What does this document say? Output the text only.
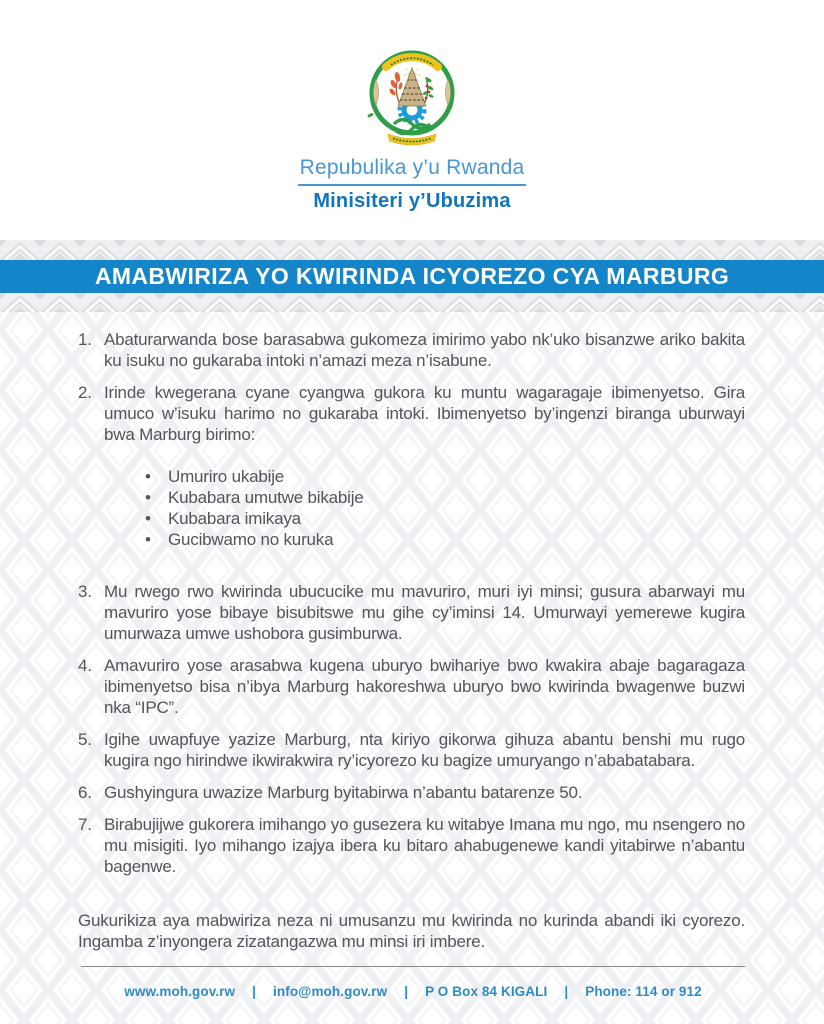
Repubulika y’u Rwanda
Minisiteri y’Ubuzima
AMABWIRIZA YO KWIRINDA ICYOREZO CYA MARBURG
1. Abaturarwanda bose barasabwa gukomeza imirimo yabo nk’uko bisanzwe ariko bakita ku isuku no gukaraba intoki n’amazi meza n’isabune.
2. Irinde kwegerana cyane cyangwa gukora ku muntu wagaragaje ibimenyetso. Gira umuco w’isuku harimo no gukaraba intoki. Ibimenyetso by’ingenzi biranga uburwayi bwa Marburg birimo:
•	Umuriro ukabije
•	Kubabara umutwe bikabije
•	Kubabara imikaya
•	Gucibwamo no kuruka
3. Mu rwego rwo kwirinda ubucucike mu mavuriro, muri iyi minsi; gusura abarwayi mu mavuriro yose bibaye bisubitswe mu gihe cy’iminsi 14. Umurwayi yemerewe kugira umurwaza umwe ushobora gusimburwa.
4. Amavuriro yose arasabwa kugena uburyo bwihariye bwo kwakira abaje bagaragaza ibimenyetso bisa n’ibya Marburg hakoreshwa uburyo bwo kwirinda bwagenwe buzwi nka “IPC”.
5. Igihe uwapfuye yazize Marburg, nta kiriyo gikorwa gihuza abantu benshi mu rugo kugira ngo hirindwe ikwirakwira ry’icyorezo ku bagize umuryango n’ababatabara.
6. Gushyingura uwazize Marburg byitabirwa n’abantu batarenze 50.
7. Birabujijwe gukorera imihango yo gusezera ku witabye Imana mu ngo, mu nsengero no mu misigiti. Iyo mihango izajya ibera ku bitaro ahabugenewe kandi yitabirwe n’abantu bagenwe.
Gukurikiza aya mabwiriza neza ni umusanzu mu kwirinda no kurinda abandi iki cyorezo. Ingamba z’inyongera zizatangazwa mu minsi iri imbere.
www.moh.gov.rw | info@moh.gov.rw | P O Box 84 KIGALI | Phone: 114 or 912
